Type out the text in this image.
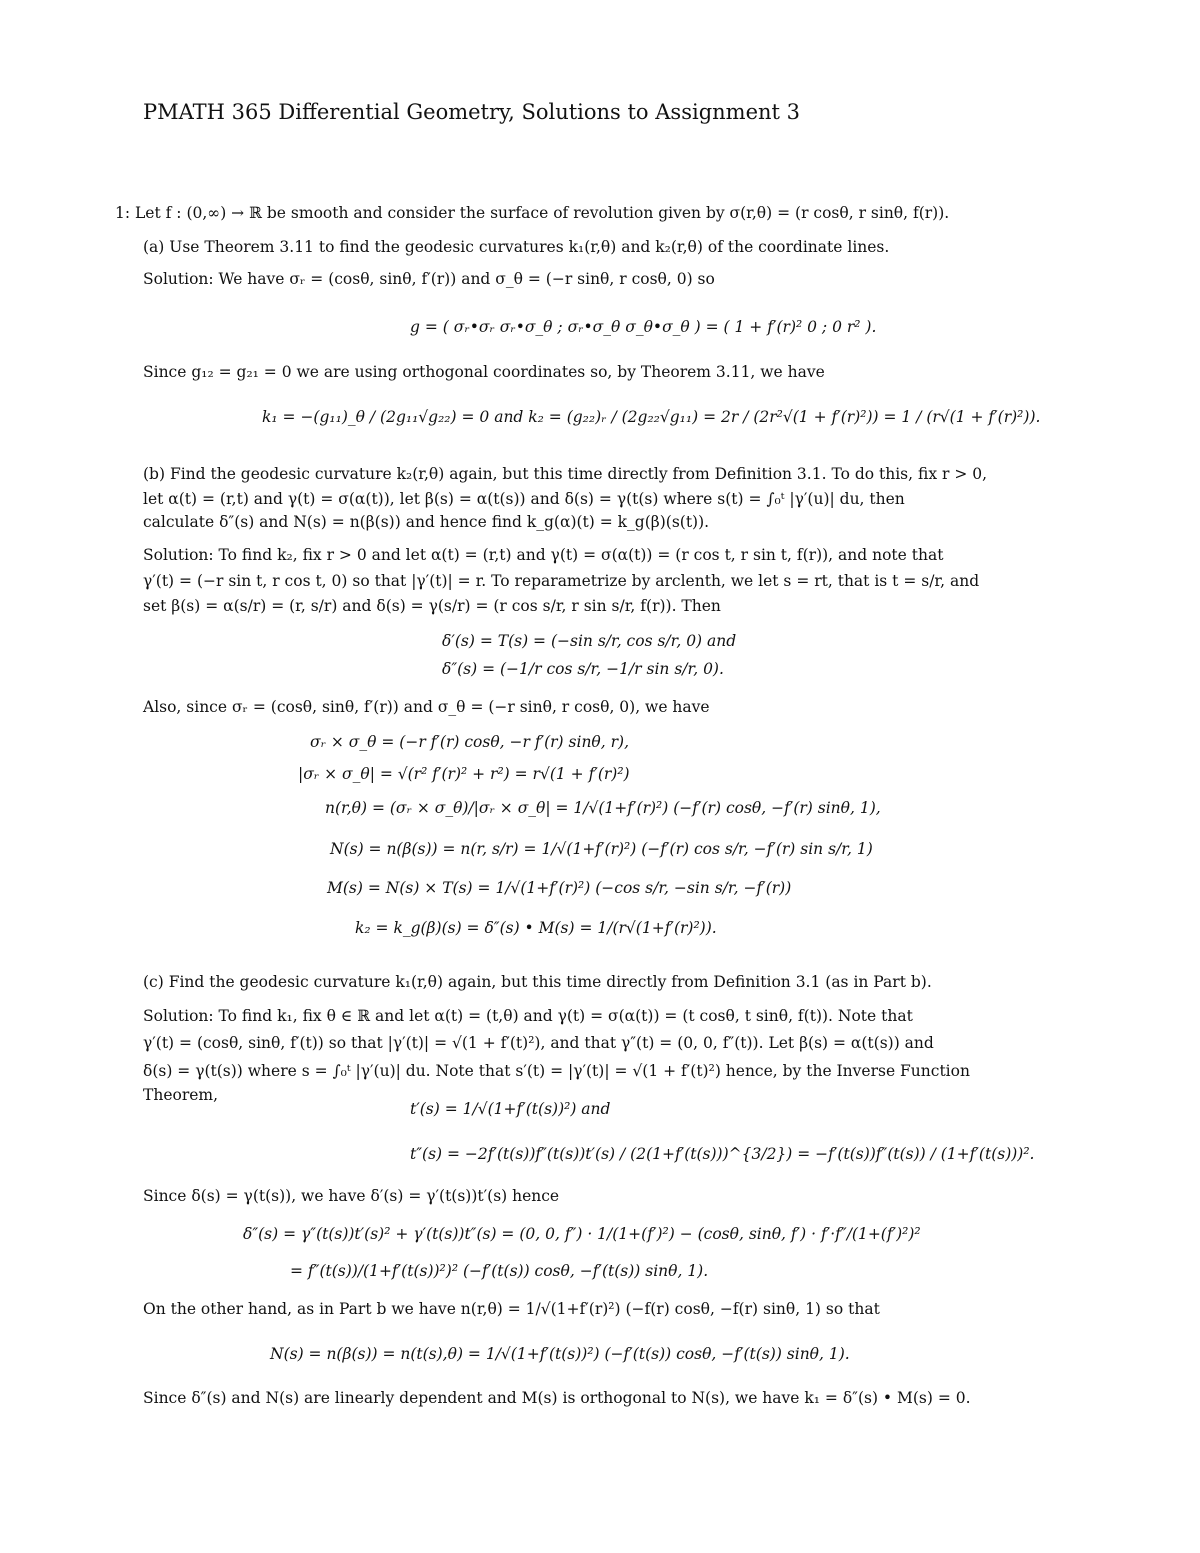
PMATH 365 Differential Geometry, Solutions to Assignment 3
1: Let f : (0,∞) → ℝ be smooth and consider the surface of revolution given by σ(r,θ) = (r cosθ, r sinθ, f(r)).
(a) Use Theorem 3.11 to find the geodesic curvatures k₁(r,θ) and k₂(r,θ) of the coordinate lines.
Solution: We have σᵣ = (cosθ, sinθ, f′(r)) and σ_θ = (−r sinθ, r cosθ, 0) so
g = ( σᵣ•σᵣ σᵣ•σ_θ ; σᵣ•σ_θ σ_θ•σ_θ ) = ( 1 + f′(r)² 0 ; 0 r² ).
Since g₁₂ = g₂₁ = 0 we are using orthogonal coordinates so, by Theorem 3.11, we have
k₁ = −(g₁₁)_θ / (2g₁₁√g₂₂) = 0 and k₂ = (g₂₂)ᵣ / (2g₂₂√g₁₁) = 2r / (2r²√(1 + f′(r)²)) = 1 / (r√(1 + f′(r)²)).
(b) Find the geodesic curvature k₂(r,θ) again, but this time directly from Definition 3.1. To do this, fix r > 0,
let α(t) = (r,t) and γ(t) = σ(α(t)), let β(s) = α(t(s)) and δ(s) = γ(t(s) where s(t) = ∫₀ᵗ |γ′(u)| du, then
calculate δ″(s) and N(s) = n(β(s)) and hence find k_g(α)(t) = k_g(β)(s(t)).
Solution: To find k₂, fix r > 0 and let α(t) = (r,t) and γ(t) = σ(α(t)) = (r cos t, r sin t, f(r)), and note that
γ′(t) = (−r sin t, r cos t, 0) so that |γ′(t)| = r. To reparametrize by arclenth, we let s = rt, that is t = s/r, and
set β(s) = α(s/r) = (r, s/r) and δ(s) = γ(s/r) = (r cos s/r, r sin s/r, f(r)). Then
δ′(s) = T(s) = (−sin s/r, cos s/r, 0) and
δ″(s) = (−1/r cos s/r, −1/r sin s/r, 0).
Also, since σᵣ = (cosθ, sinθ, f′(r)) and σ_θ = (−r sinθ, r cosθ, 0), we have
σᵣ × σ_θ = (−r f′(r) cosθ, −r f′(r) sinθ, r),
|σᵣ × σ_θ| = √(r² f′(r)² + r²) = r√(1 + f′(r)²)
n(r,θ) = (σᵣ × σ_θ)/|σᵣ × σ_θ| = 1/√(1+f′(r)²) (−f′(r) cosθ, −f′(r) sinθ, 1),
N(s) = n(β(s)) = n(r, s/r) = 1/√(1+f′(r)²) (−f′(r) cos s/r, −f′(r) sin s/r, 1)
M(s) = N(s) × T(s) = 1/√(1+f′(r)²) (−cos s/r, −sin s/r, −f′(r))
k₂ = k_g(β)(s) = δ″(s) • M(s) = 1/(r√(1+f′(r)²)).
(c) Find the geodesic curvature k₁(r,θ) again, but this time directly from Definition 3.1 (as in Part b).
Solution: To find k₁, fix θ ∈ ℝ and let α(t) = (t,θ) and γ(t) = σ(α(t)) = (t cosθ, t sinθ, f(t)). Note that
γ′(t) = (cosθ, sinθ, f′(t)) so that |γ′(t)| = √(1 + f′(t)²), and that γ″(t) = (0, 0, f″(t)). Let β(s) = α(t(s)) and
δ(s) = γ(t(s)) where s = ∫₀ᵗ |γ′(u)| du. Note that s′(t) = |γ′(t)| = √(1 + f′(t)²) hence, by the Inverse Function
Theorem,
t′(s) = 1/√(1+f′(t(s))²) and
t″(s) = −2f′(t(s))f″(t(s))t′(s) / (2(1+f′(t(s)))^{3/2}) = −f′(t(s))f″(t(s)) / (1+f′(t(s)))².
Since δ(s) = γ(t(s)), we have δ′(s) = γ′(t(s))t′(s) hence
δ″(s) = γ″(t(s))t′(s)² + γ′(t(s))t″(s) = (0, 0, f″) · 1/(1+(f′)²) − (cosθ, sinθ, f′) · f′·f″/(1+(f′)²)²
= f″(t(s))/(1+f′(t(s))²)² (−f′(t(s)) cosθ, −f′(t(s)) sinθ, 1).
On the other hand, as in Part b we have n(r,θ) = 1/√(1+f′(r)²) (−f(r) cosθ, −f(r) sinθ, 1) so that
N(s) = n(β(s)) = n(t(s),θ) = 1/√(1+f′(t(s))²) (−f′(t(s)) cosθ, −f′(t(s)) sinθ, 1).
Since δ″(s) and N(s) are linearly dependent and M(s) is orthogonal to N(s), we have k₁ = δ″(s) • M(s) = 0.
